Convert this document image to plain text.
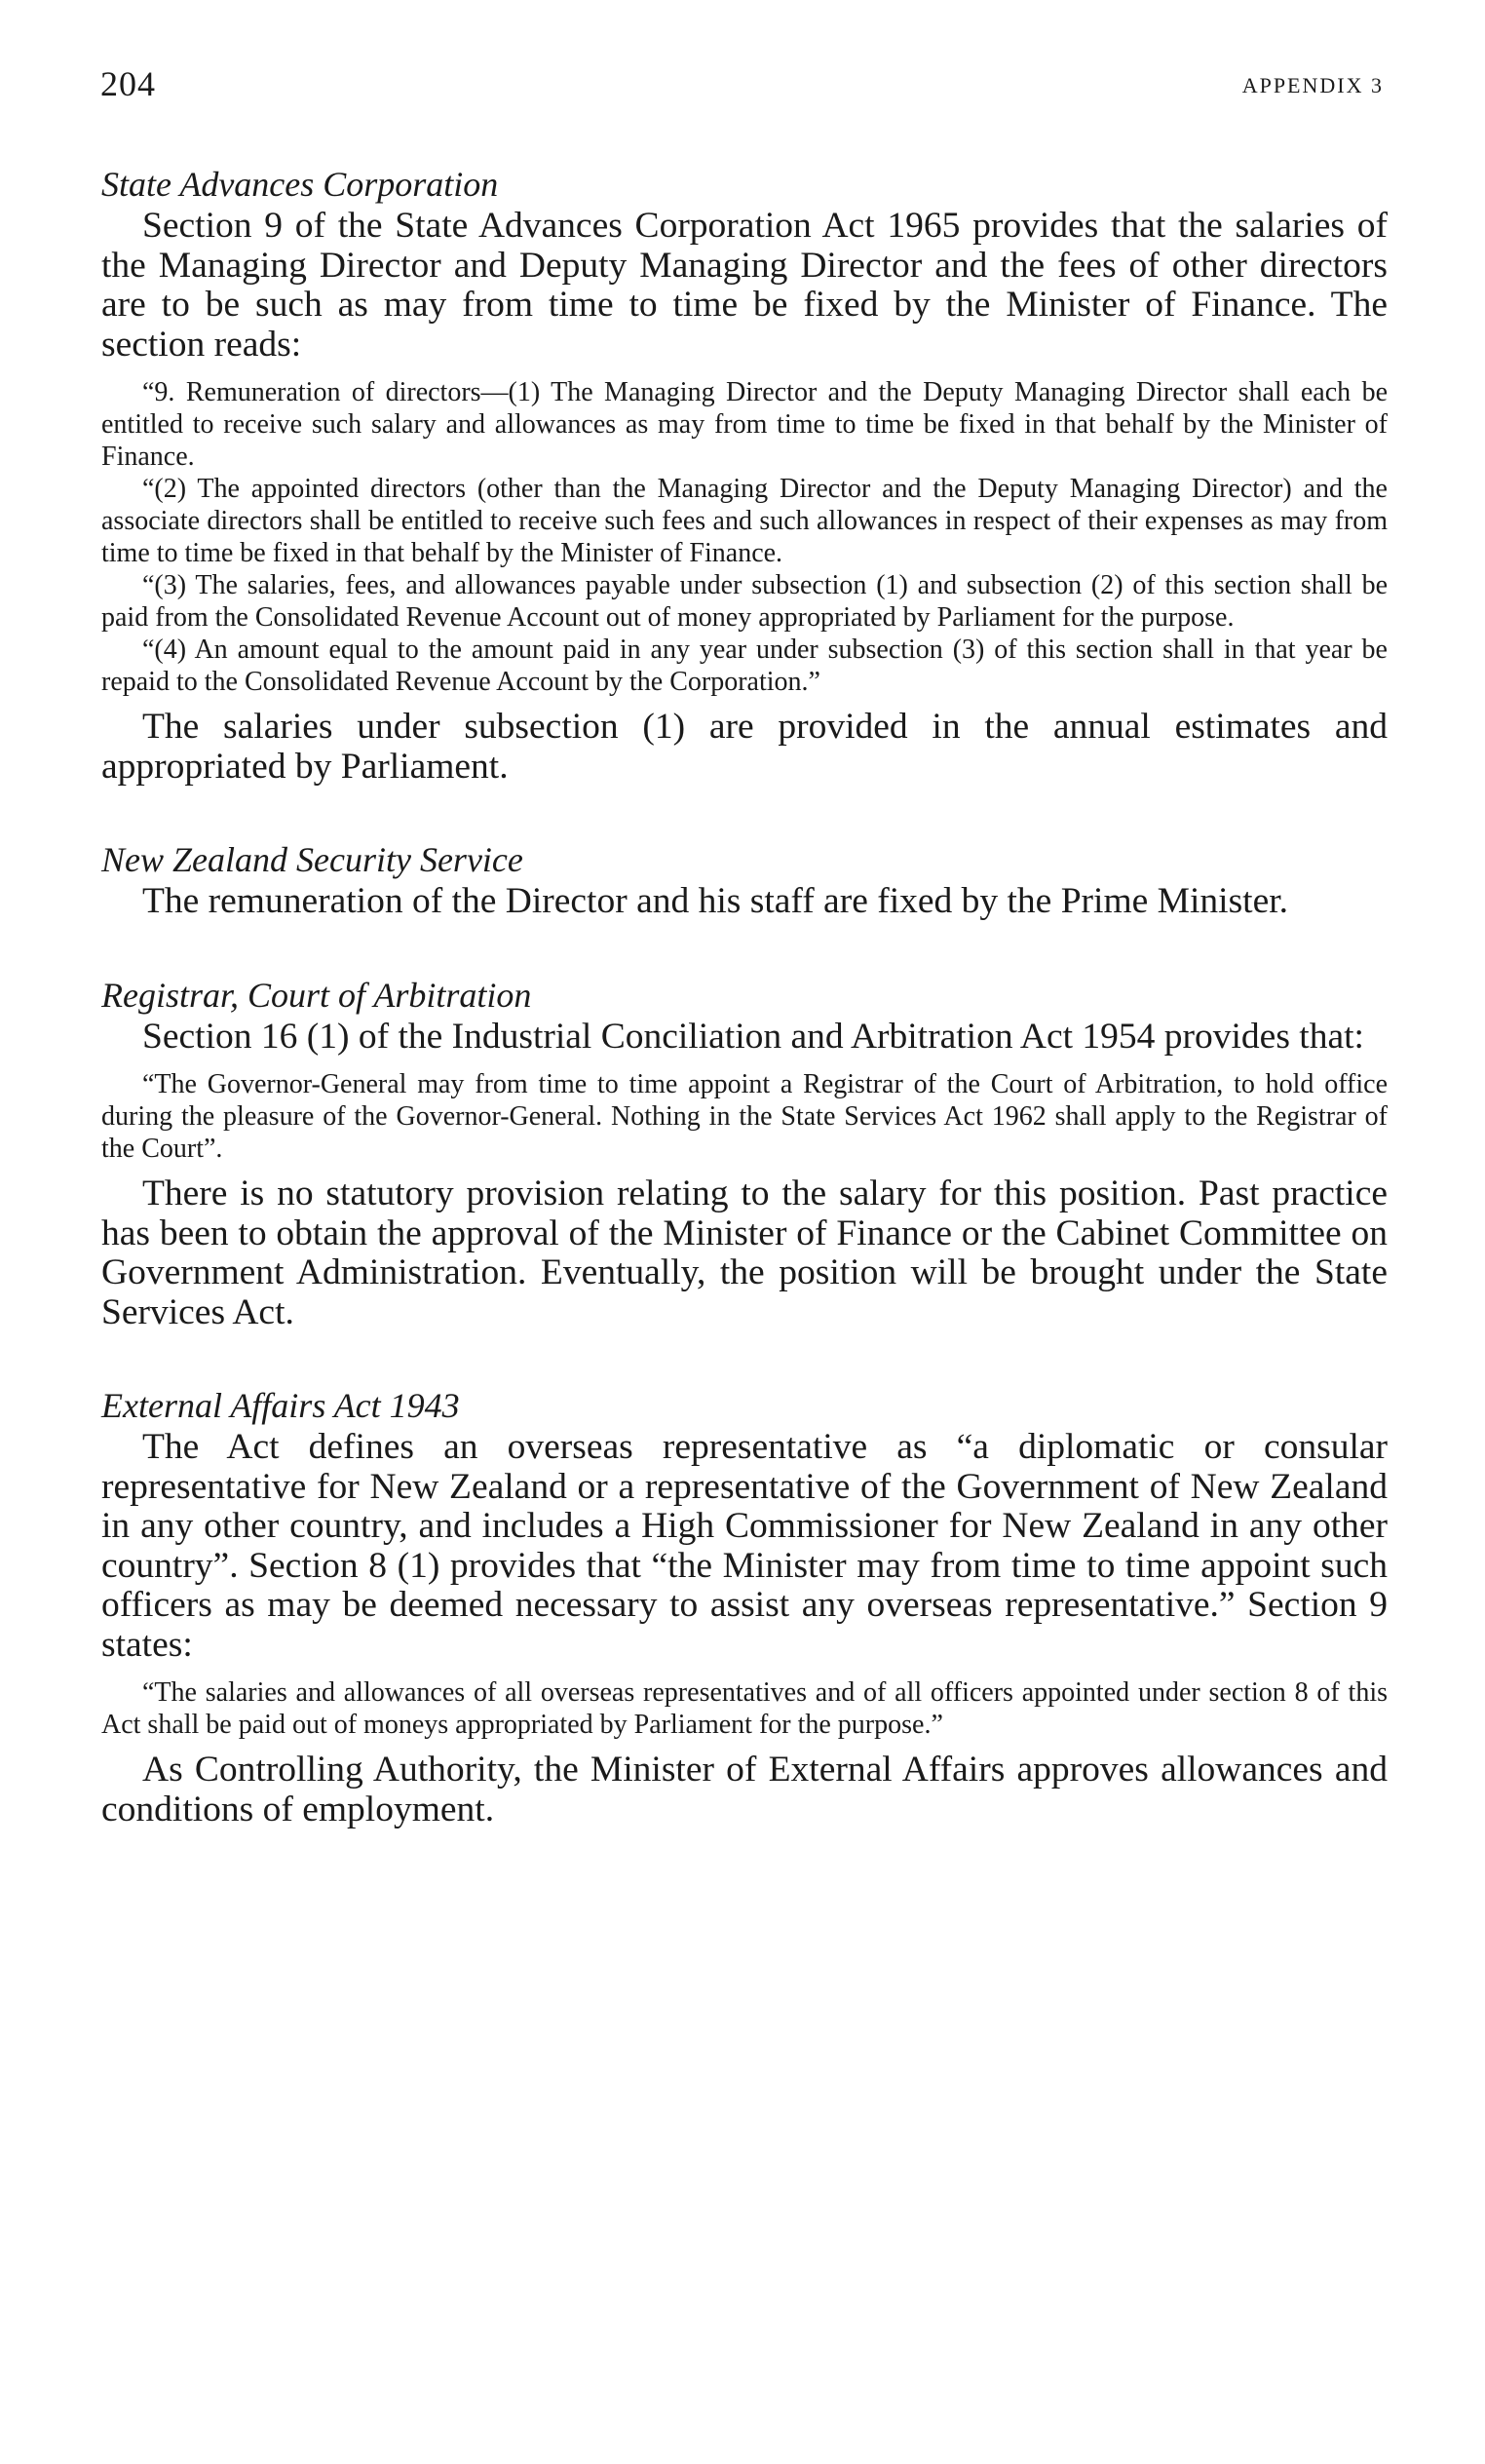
204	APPENDIX 3
State Advances Corporation

Section 9 of the State Advances Corporation Act 1965 provides that the salaries of the Managing Director and Deputy Managing Director and the fees of other directors are to be such as may from time to time be fixed by the Minister of Finance. The section reads:

“9. Remuneration of directors—(1) The Managing Director and the Deputy Managing Director shall each be entitled to receive such salary and allowances as may from time to time be fixed in that behalf by the Minister of Finance.

“(2) The appointed directors (other than the Managing Director and the Deputy Managing Director) and the associate directors shall be entitled to receive such fees and such allowances in respect of their expenses as may from time to time be fixed in that behalf by the Minister of Finance.

“(3) The salaries, fees, and allowances payable under subsection (1) and subsection (2) of this section shall be paid from the Consolidated Revenue Account out of money appropriated by Parliament for the purpose.

“(4) An amount equal to the amount paid in any year under subsection (3) of this section shall in that year be repaid to the Consolidated Revenue Account by the Corporation.”

The salaries under subsection (1) are provided in the annual estimates and appropriated by Parliament.

New Zealand Security Service

The remuneration of the Director and his staff are fixed by the Prime Minister.

Registrar, Court of Arbitration

Section 16 (1) of the Industrial Conciliation and Arbitration Act 1954 provides that:

“The Governor-General may from time to time appoint a Registrar of the Court of Arbitration, to hold office during the pleasure of the Governor-General. Nothing in the State Services Act 1962 shall apply to the Registrar of the Court”.

There is no statutory provision relating to the salary for this position. Past practice has been to obtain the approval of the Minister of Finance or the Cabinet Committee on Government Administration. Eventually, the position will be brought under the State Services Act.

External Affairs Act 1943

The Act defines an overseas representative as “a diplomatic or consular representative for New Zealand or a representative of the Government of New Zealand in any other country, and includes a High Commissioner for New Zealand in any other country”. Section 8 (1) provides that “the Minister may from time to time appoint such officers as may be deemed necessary to assist any overseas representative.” Section 9 states:

“The salaries and allowances of all overseas representatives and of all officers appointed under section 8 of this Act shall be paid out of moneys appropriated by Parliament for the purpose.”

As Controlling Authority, the Minister of External Affairs approves allowances and conditions of employment.
